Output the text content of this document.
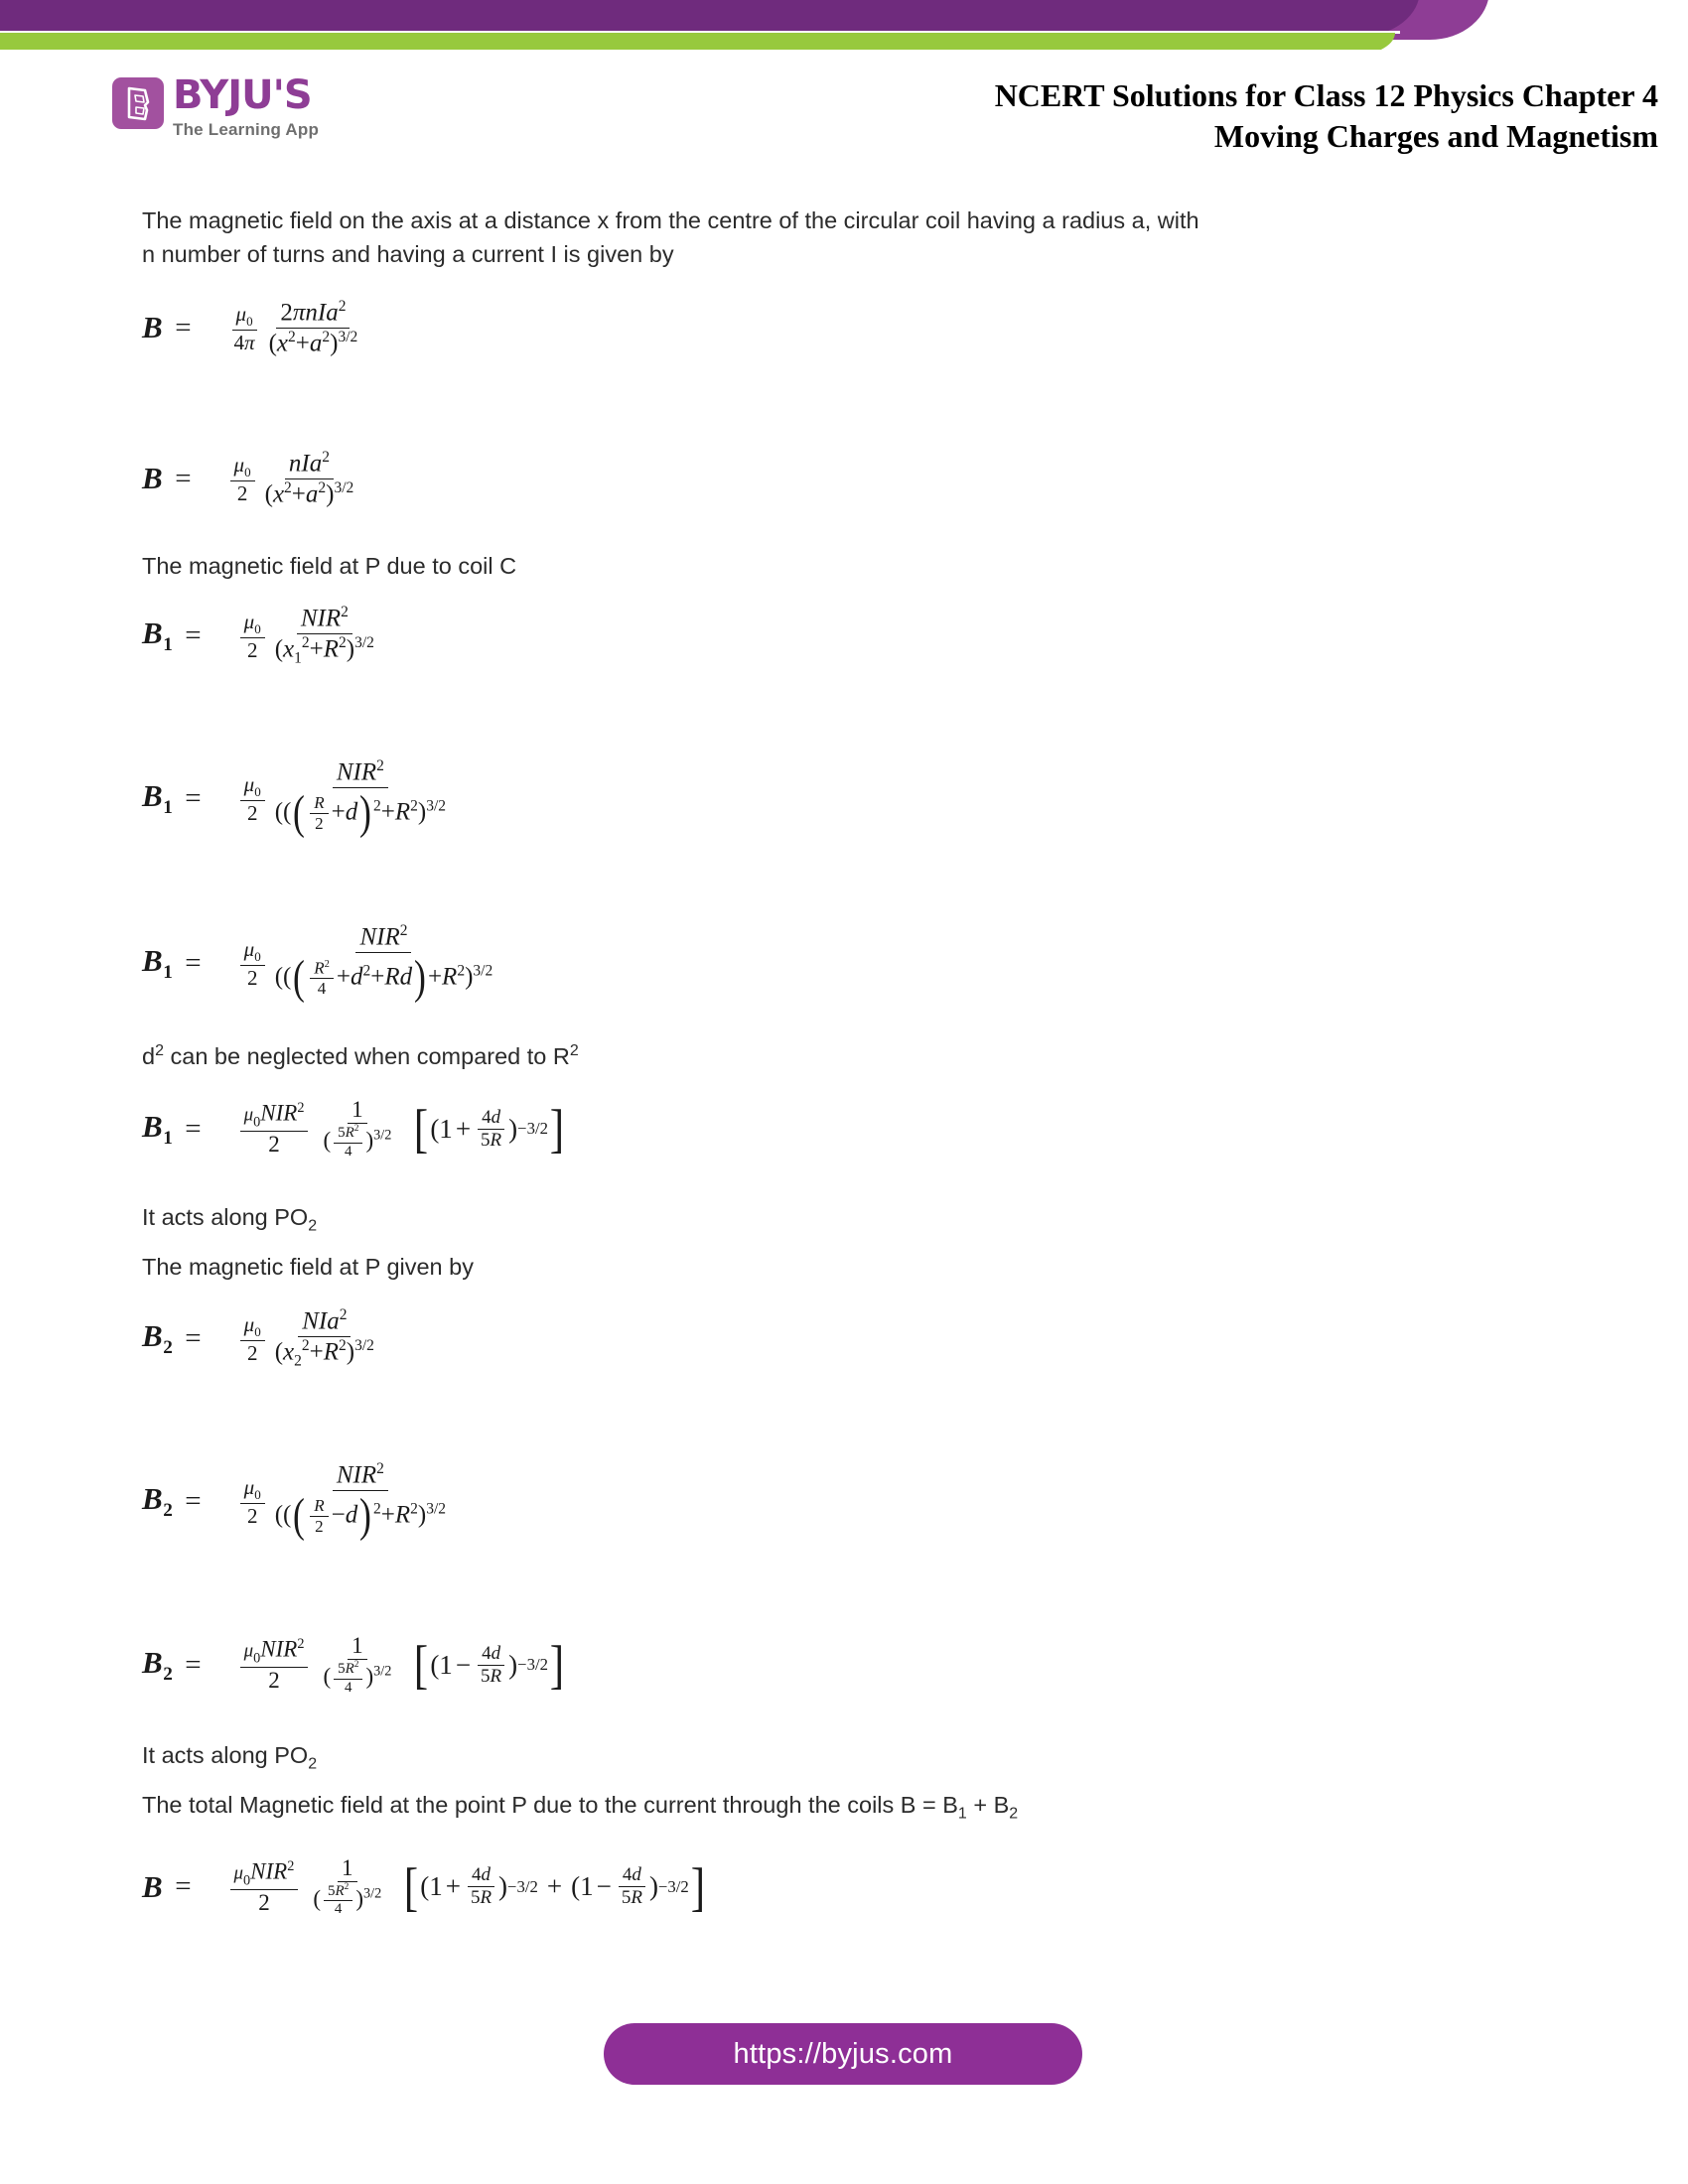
BYJU'S
The Learning App
NCERT Solutions for Class 12 Physics Chapter 4
Moving Charges and Magnetism

The magnetic field on the axis at a distance x from the centre of the circular coil having a radius a, with
n number of turns and having a current I is given by

$B = \frac{\mu_0}{4\pi} \frac{2\pi nIa^2}{(x^2+a^2)^{3/2}}$
$B = \frac{\mu_0}{2} \frac{nIa^2}{(x^2+a^2)^{3/2}}$

The magnetic field at P due to coil C

$B_1 = \frac{\mu_0}{2} \frac{NIR^2}{(x_1^2+R^2)^{3/2}}$
$B_1 = \frac{\mu_0}{2} \frac{NIR^2}{((( \frac{R}{2} +d) ^2+R^2)^{3/2}}$
$B_1 = \frac{\mu_0}{2} \frac{NIR^2}{((( \frac{R^2}{4} +d^2+Rd)+R^2)^{3/2}}$

$d^2$ can be neglected when compared to $R^2$

$B_1 = \frac{\mu_0NIR^2}{2} \frac{1}{( \frac{5R^2}{4} )^{3/2}}$ [ ($1 + \frac{4d}{5R}$ ) −3/2 ]

It acts along $PO_2$

The magnetic field at P given by

$B_2 = \frac{\mu_0}{2} \frac{NIa^2}{(x_2^2+R^2)^{3/2}}$
$B_2 = \frac{\mu_0}{2} \frac{NIR^2}{((( \frac{R}{2} -d) ^2+R^2)^{3/2}}$
$B_2 = \frac{\mu_0NIR^2}{2} \frac{1}{( \frac{5R^2}{4} )^{3/2}}$ [ ($1 - \frac{4d}{5R}$ ) −3/2 ]

It acts along $PO_2$

The total Magnetic field at the point P due to the current through the coils $B = B_1 + B_2$

$B = \frac{\mu_0NIR^2}{2} \frac{1}{( \frac{5R^2}{4} )^{3/2}}$ [ ($1 + \frac{4d}{5R}$ ) $-3/2 + (1 - \frac{4d}{5R}$ ) −3/2 ]
https://byjus.com
